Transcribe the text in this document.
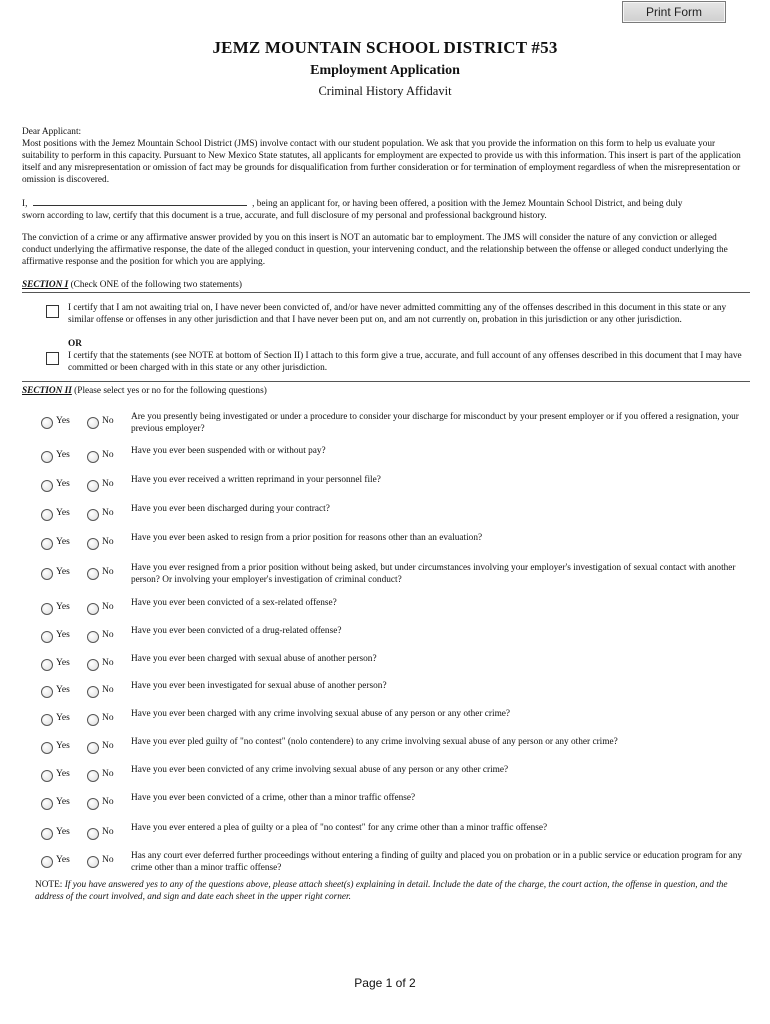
Print Form
JEMZ MOUNTAIN SCHOOL DISTRICT #53
Employment Application
Criminal History Affidavit
Dear Applicant:
Most positions with the Jemez Mountain School District (JMS) involve contact with our student population. We ask that you provide the information on this form to help us evaluate your suitability to perform in this capacity. Pursuant to New Mexico State statutes, all applicants for employment are expected to provide us with this information. This insert is part of the application itself and any misrepresentation or omission of fact may be grounds for disqualification from further consideration or for termination of employment regardless of when the misrepresentation or omission is discovered.
I,	, being an applicant for, or having been offered, a position with the Jemez Mountain School District, and being duly
sworn according to law, certify that this document is a true, accurate, and full disclosure of my personal and professional background history.
The conviction of a crime or any affirmative answer provided by you on this insert is NOT an automatic bar to employment. The JMS will consider the nature of any conviction or alleged conduct underlying the affirmative response, the date of the alleged conduct in question, your intervening conduct, and the relationship between the offense or alleged conduct underlying the affirmative response and the position for which you are applying.
SECTION I (Check ONE of the following two statements)
I certify that I am not awaiting trial on, I have never been convicted of, and/or have never admitted committing any of the offenses described in this document in this state or any similar offense or offenses in any other jurisdiction and that I have never been put on, and am not currently on, probation in this jurisdiction or any other jurisdiction.
OR
I certify that the statements (see NOTE at bottom of Section II) I attach to this form give a true, accurate, and full account of any offenses described in this document that I may have committed or been charged with in this state or any other jurisdiction.
SECTION II (Please select yes or no for the following questions)
Yes	No Are you presently being investigated or under a procedure to consider your discharge for misconduct by your present employer or if you offered a resignation, your previous employer?
Yes	No Have you ever been suspended with or without pay?
Yes	No Have you ever received a written reprimand in your personnel file?
Yes	No Have you ever been discharged during your contract?
Yes	No Have you ever been asked to resign from a prior position for reasons other than an evaluation?
Yes	No Have you ever resigned from a prior position without being asked, but under circumstances involving your employer's investigation of sexual contact with another person? Or involving your employer's investigation of criminal conduct?
Yes	No Have you ever been convicted of a sex-related offense?
Yes	No Have you ever been convicted of a drug-related offense?
Yes	No Have you ever been charged with sexual abuse of another person?
Yes	No Have you ever been investigated for sexual abuse of another person?
Yes	No Have you ever been charged with any crime involving sexual abuse of any person or any other crime?
Yes	No Have you ever pled guilty of "no contest" (nolo contendere) to any crime involving sexual abuse of any person or any other crime?
Yes	No Have you ever been convicted of any crime involving sexual abuse of any person or any other crime?
Yes	No Have you ever been convicted of a crime, other than a minor traffic offense?
Yes	No Have you ever entered a plea of guilty or a plea of "no contest" for any crime other than a minor traffic offense?
Yes	No Has any court ever deferred further proceedings without entering a finding of guilty and placed you on probation or in a public service or education program for any crime other than a minor traffic offense?
NOTE: If you have answered yes to any of the questions above, please attach sheet(s) explaining in detail. Include the date of the charge, the court action, the offense in question, and the address of the court involved, and sign and date each sheet in the upper right corner.
Page 1 of 2
